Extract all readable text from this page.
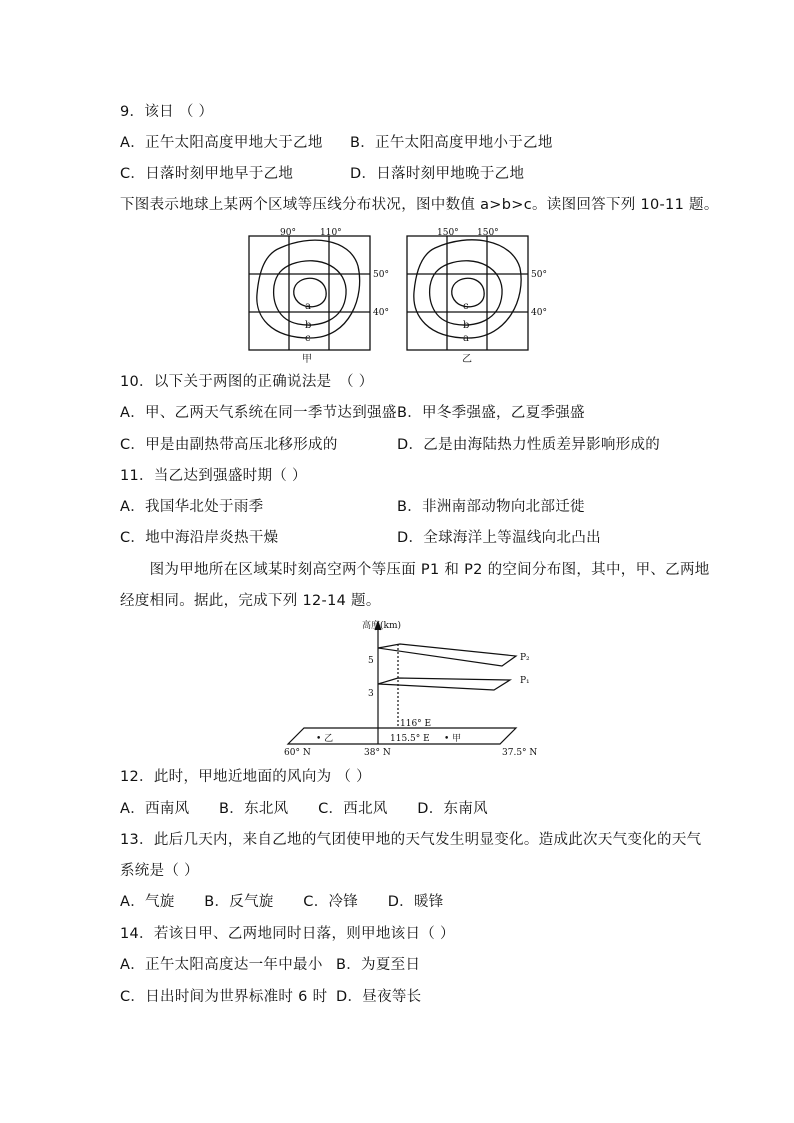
9．该日 （ ）
A．正午太阳高度甲地大于乙地 B．正午太阳高度甲地小于乙地
C．日落时刻甲地早于乙地	D．日落时刻甲地晚于乙地
下图表示地球上某两个区域等压线分布状况，图中数值 a>b>c。读图回答下列 10-11 题。
90°	110°
50°
40°
a
b
c
甲
150° 150°
50°
40°
c
b
a
乙
10．以下关于两图的正确说法是　（ ）
A．甲、乙两天气系统在同一季节达到强盛 B．甲冬季强盛，乙夏季强盛
C．甲是由副热带高压北移形成的	D．乙是由海陆热力性质差异影响形成的
11．当乙达到强盛时期（ ）
A．我国华北处于雨季	B．非洲南部动物向北部迁徙
C．地中海沿岸炎热干燥	D．全球海洋上等温线向北凸出
　　图为甲地所在区域某时刻高空两个等压面 P1 和 P2 的空间分布图，其中，甲、乙两地
经度相同。据此，完成下列 12-14 题。
高度(km)
5
3
P₂
P₁
116° E
115.5° E • 甲
• 乙
60° N	38° N	37.5° N
12．此时，甲地近地面的风向为 （ ）
A．西南风　　B．东北风　　C．西北风　　D．东南风
13．此后几天内，来自乙地的气团使甲地的天气发生明显变化。造成此次天气变化的天气
系统是（ ）
A．气旋　　B．反气旋　　C．冷锋　　D．暖锋
14．若该日甲、乙两地同时日落，则甲地该日（ ）
A．正午太阳高度达一年中最小 B．为夏至日
C．日出时间为世界标准时 6 时 D．昼夜等长
